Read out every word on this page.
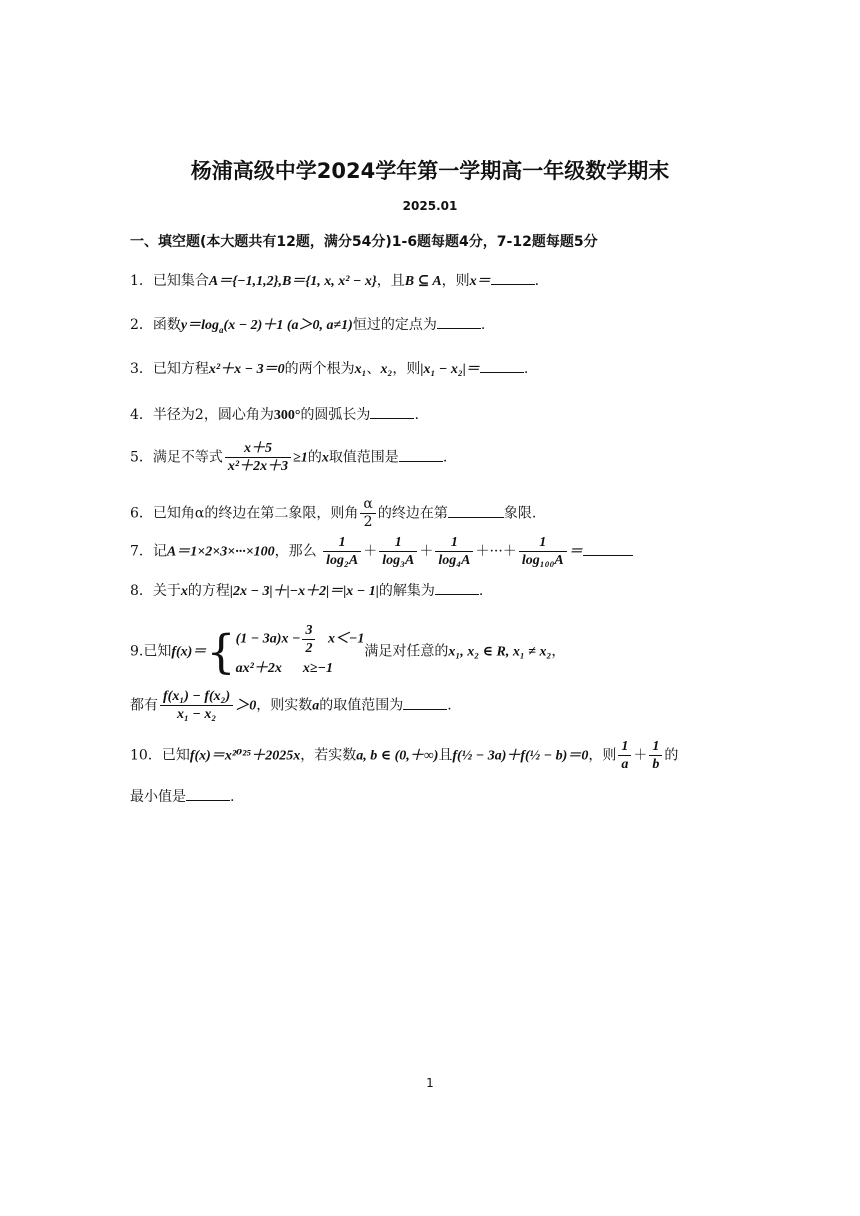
杨浦高级中学2024学年第一学期高一年级数学期末
2025.01
一、填空题(本大题共有12题，满分54分)1-6题每题4分，7-12题每题5分
1．已知集合A＝{−1,1,2},B＝{1, x, x² − x}，且B ⊆ A，则x＝	.
2．函数$y=\log_a(x - 2)+1$ (a＞0, a≠1)恒过的定点为	.
3．已知方程x²＋x − 3＝0的两个根为x₁、x₂，则|x₁ − x₂|＝	.
4．半径为2，圆心角为300°的圆弧长为	.
5．满足不等式 $\frac{x+5}{\text{x²＋2x＋3}} \ge 1$的x取值范围是	.
6．已知角α的终边在第二象限，则角 $\frac{\alpha}{2}$ 的终边在第	象限.
7．记A＝1×2×3×···×100，那么 $\frac{1}{\text{log₂A}} + \frac{1}{\text{log₃A}} + \frac{1}{\text{log₄A}}$ ＋···＋ $\frac{1}{\text{log₁₀₀A}}$ ＝
8．关于x的方程|2x − 3|＋|−x＋2|＝|x − 1|的解集为	.
9.已知f(x)＝{ $(1 - 3a)x - \frac{3}{2} x<-1$
ax²＋2x x≥−1
满足对任意的x₁, x₂ ∈ R, x₁ ≠ x₂，
都有 $\frac{\text{f(x₁) − f(x₂)}}{\text{x₁ − x₂}} >0$，则实数a的取值范围为	.
10．已知f(x)＝x²⁰²⁵＋2025x，若实数a, b ∈ (0,＋∞)且f(½ − 3a)＋f(½ − b)＝0，则 $\frac{1}{a} + \frac{1}{b}$ 的
最小值是	.
1
